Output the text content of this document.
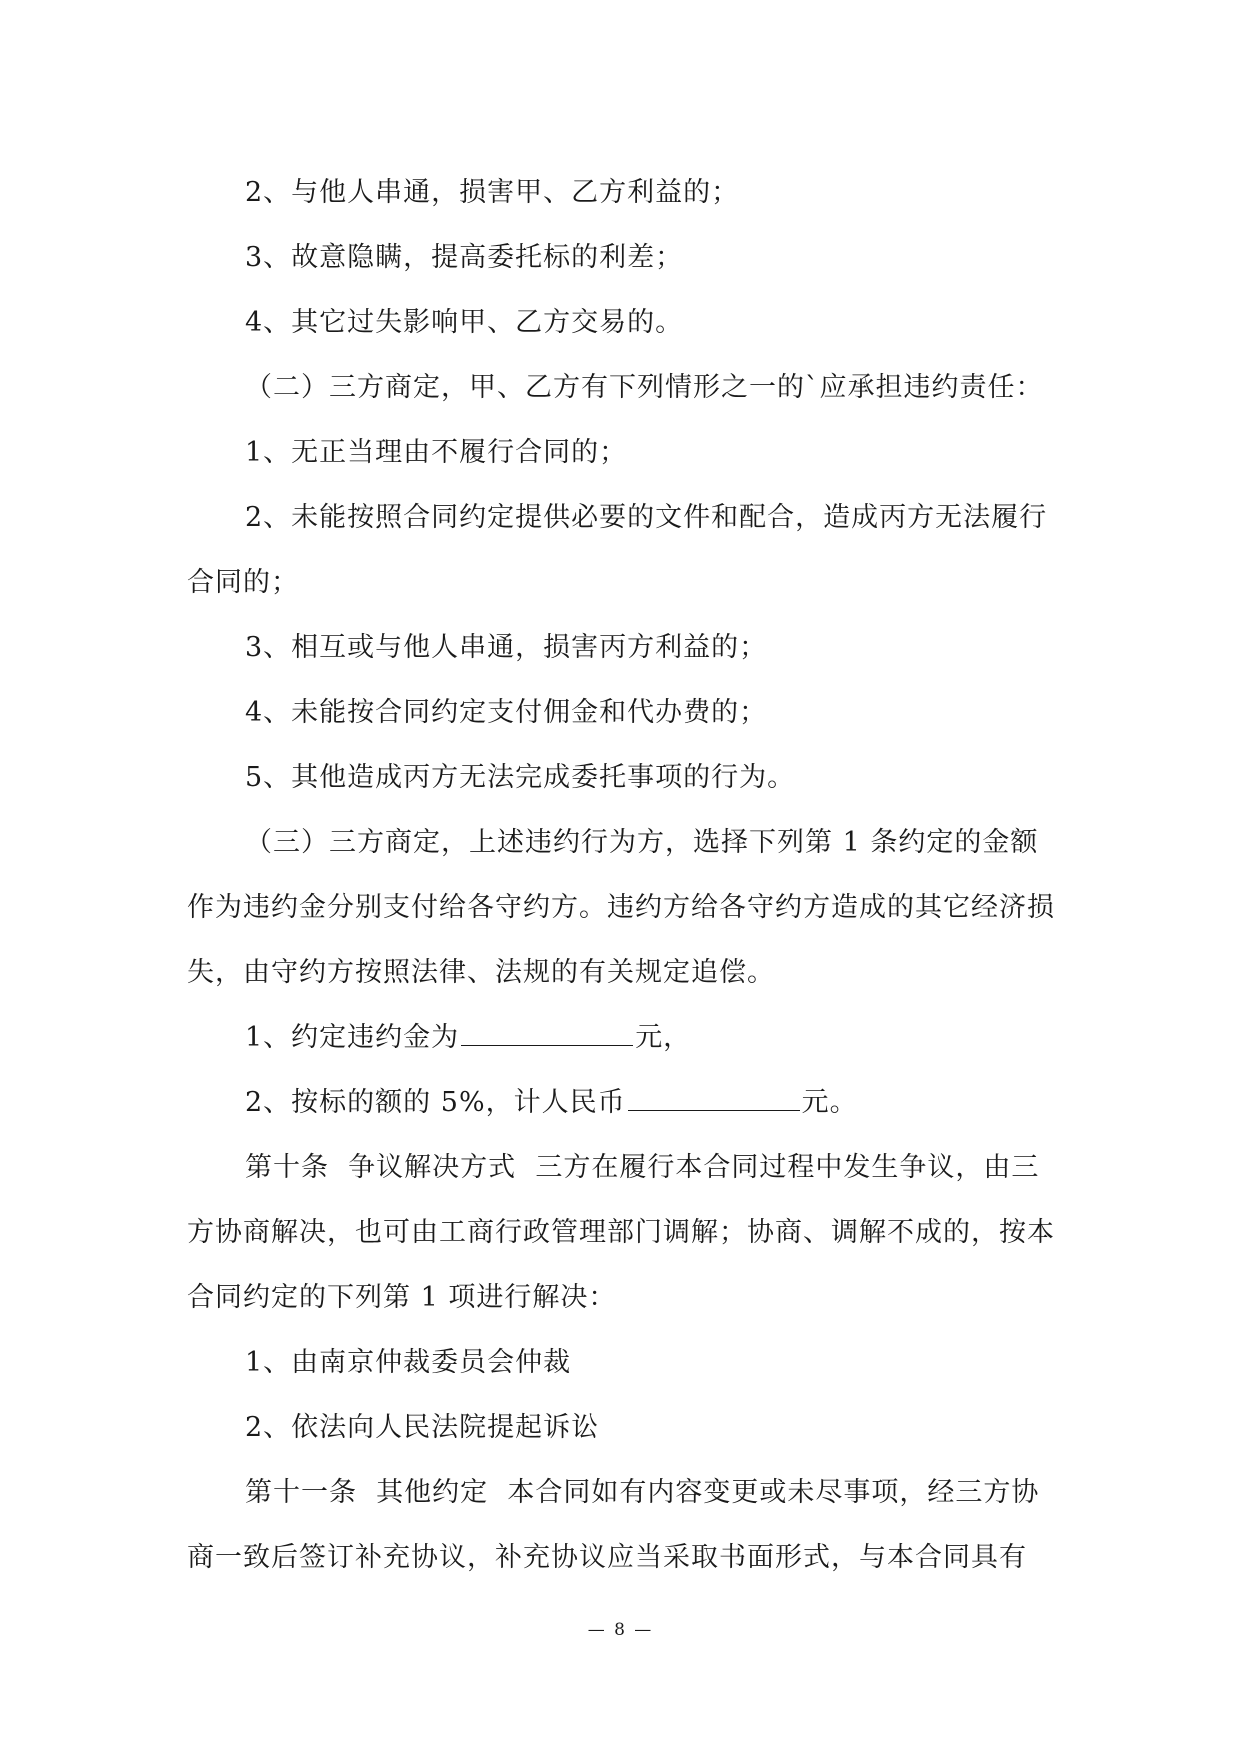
2、与他人串通，损害甲、乙方利益的；

3、故意隐瞒，提高委托标的利差；

4、其它过失影响甲、乙方交易的。

（二）三方商定，甲、乙方有下列情形之一的`应承担违约责任：

1、无正当理由不履行合同的；

2、未能按照合同约定提供必要的文件和配合，造成丙方无法履行合同的；

3、相互或与他人串通，损害丙方利益的；

4、未能按合同约定支付佣金和代办费的；

5、其他造成丙方无法完成委托事项的行为。

（三）三方商定，上述违约行为方，选择下列第 1 条约定的金额作为违约金分别支付给各守约方。违约方给各守约方造成的其它经济损失，由守约方按照法律、法规的有关规定追偿。

1、约定违约金为	元，

2、按标的额的 5%，计人民币	元。

第十条  争议解决方式  三方在履行本合同过程中发生争议，由三方协商解决，也可由工商行政管理部门调解；协商、调解不成的，按本合同约定的下列第 1 项进行解决：

1、由南京仲裁委员会仲裁

2、依法向人民法院提起诉讼

第十一条  其他约定  本合同如有内容变更或未尽事项，经三方协商一致后签订补充协议，补充协议应当采取书面形式，与本合同具有

— 8 —
